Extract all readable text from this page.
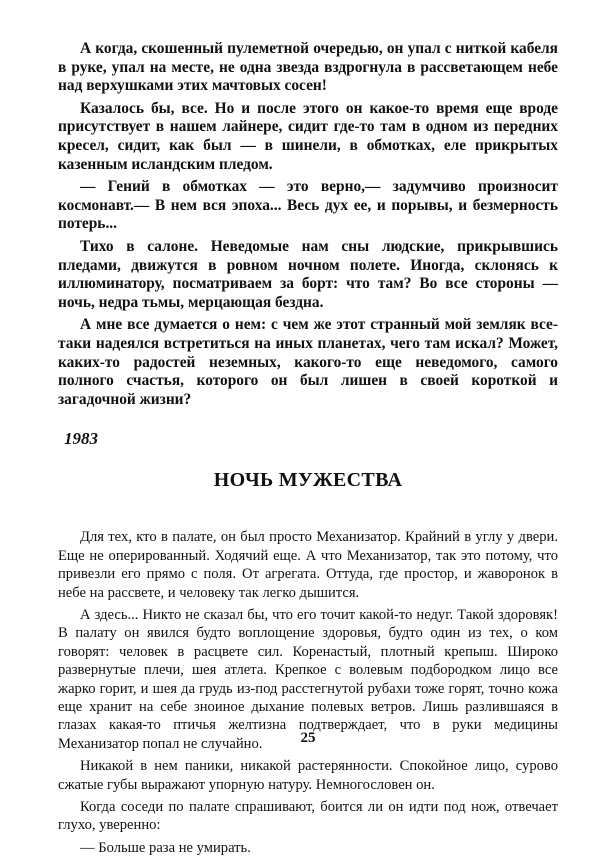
А когда, скошенный пулеметной очередью, он упал с ниткой кабеля в руке, упал на месте, не одна звезда вздрогнула в рассветающем небе над верхушками этих мачтовых сосен!

Казалось бы, все. Но и после этого он какое-то время еще вроде присутствует в нашем лайнере, сидит где-то там в одном из передних кресел, сидит, как был — в шинели, в обмотках, еле прикрытых казенным исландским пледом.

— Гений в обмотках — это верно,— задумчиво произносит космонавт.— В нем вся эпоха... Весь дух ее, и порывы, и безмерность потерь...

Тихо в салоне. Неведомые нам сны людские, прикрывшись пледами, движутся в ровном ночном полете. Иногда, склонясь к иллюминатору, посматриваем за борт: что там? Во все стороны — ночь, недра тьмы, мерцающая бездна.

А мне все думается о нем: с чем же этот странный мой земляк все-таки надеялся встретиться на иных планетах, чего там искал? Может, каких-то радостей неземных, какого-то еще неведомого, самого полного счастья, которого он был лишен в своей короткой и загадочной жизни?

1983
НОЧЬ МУЖЕСТВА

Для тех, кто в палате, он был просто Механизатор. Крайний в углу у двери. Еще не оперированный. Ходячий еще. А что Механизатор, так это потому, что привезли его прямо с поля. От агрегата. Оттуда, где простор, и жаворонок в небе на рассвете, и человеку так легко дышится.

А здесь... Никто не сказал бы, что его точит какой-то недуг. Такой здоровяк! В палату он явился будто воплощение здоровья, будто один из тех, о ком говорят: человек в расцвете сил. Коренастый, плотный крепыш. Широко развернутые плечи, шея атлета. Крепкое с волевым подбородком лицо все жарко горит, и шея да грудь из-под расстегнутой рубахи тоже горят, точно кожа еще хранит на себе зноиное дыхание полевых ветров. Лишь разлившаяся в глазах какая-то птичья желтизна подтверждает, что в руки медицины Механизатор попал не случайно.

Никакой в нем паники, никакой растерянности. Спокойное лицо, сурово сжатые губы выражают упорную натуру. Немногословен он.

Когда соседи по палате спрашивают, боится ли он идти под нож, отвечает глухо, уверенно:

— Больше раза не умирать.

25
